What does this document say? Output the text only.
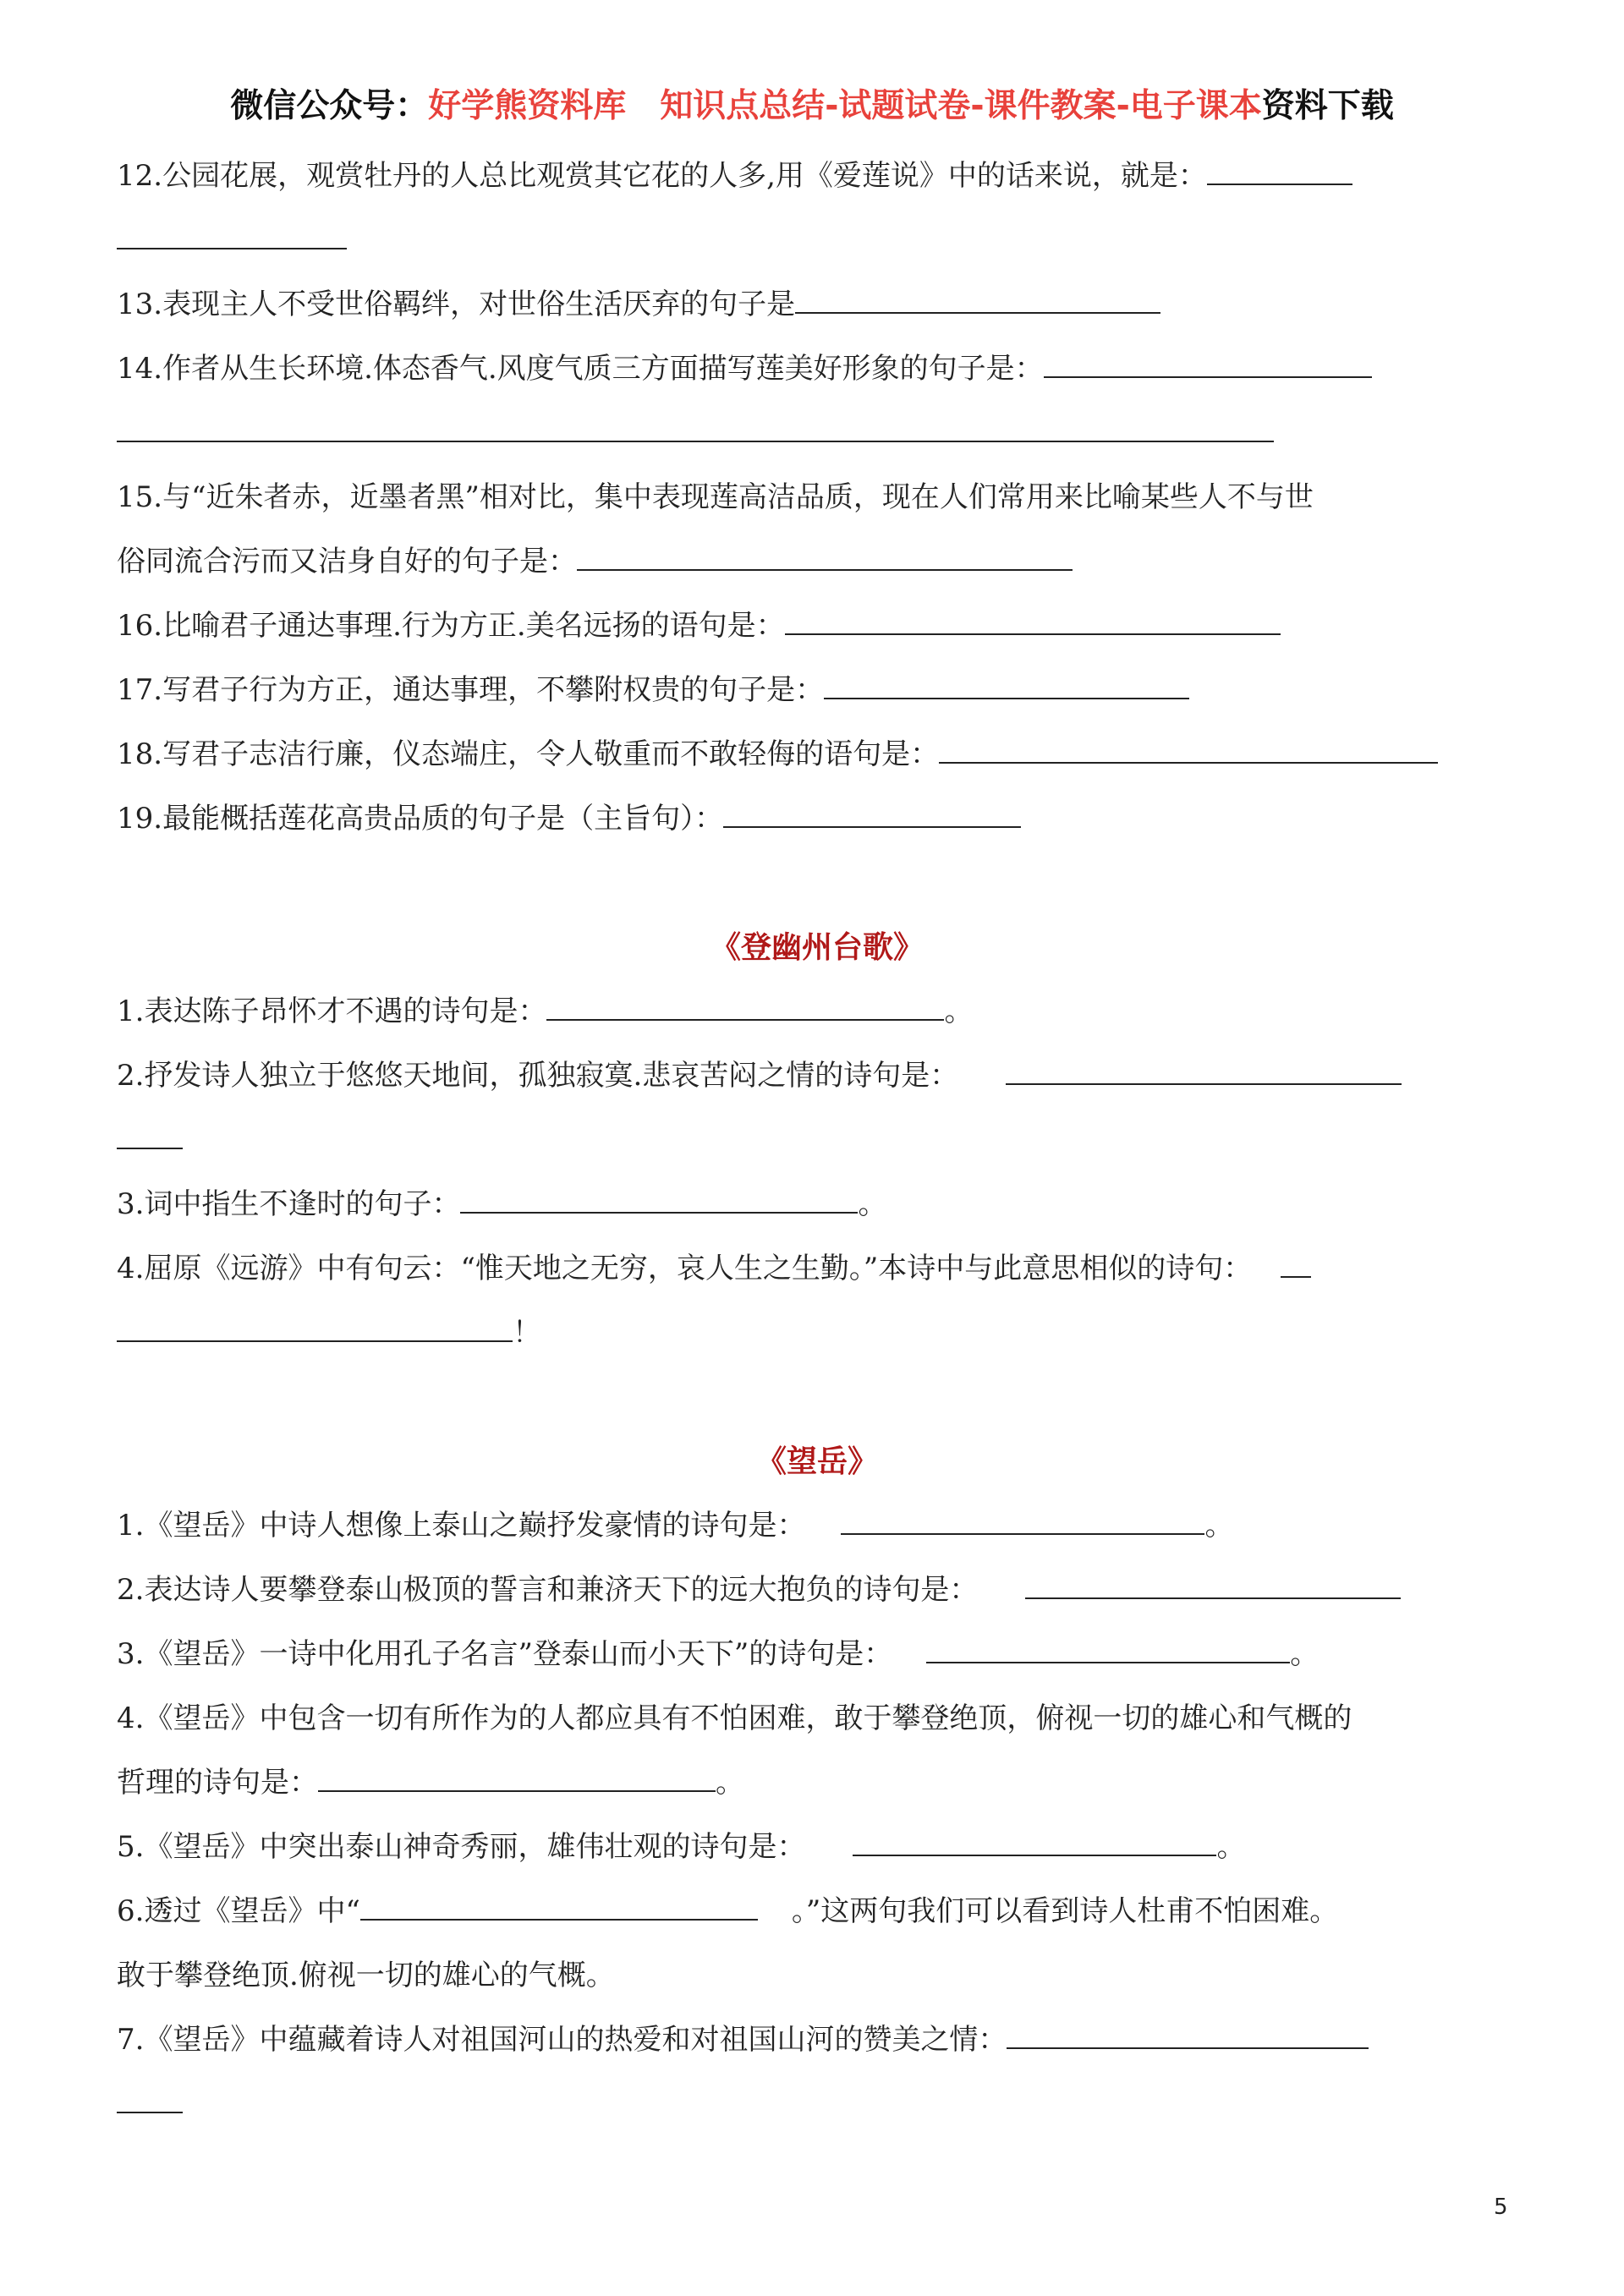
微信公众号：好学熊资料库 知识点总结-试题试卷-课件教案-电子课本资料下载
12.公园花展，观赏牡丹的人总比观赏其它花的人多,用《爱莲说》中的话来说，就是：
13.表现主人不受世俗羁绊，对世俗生活厌弃的句子是
14.作者从生长环境.体态香气.风度气质三方面描写莲美好形象的句子是：
15.与“近朱者赤，近墨者黑”相对比，集中表现莲高洁品质，现在人们常用来比喻某些人不与世
俗同流合污而又洁身自好的句子是：
16.比喻君子通达事理.行为方正.美名远扬的语句是：
17.写君子行为方正，通达事理，不攀附权贵的句子是：
18.写君子志洁行廉，仪态端庄，令人敬重而不敢轻侮的语句是：
19.最能概括莲花高贵品质的句子是（主旨句）：
《登幽州台歌》
1.表达陈子昂怀才不遇的诗句是：	。
2.抒发诗人独立于悠悠天地间，孤独寂寞.悲哀苦闷之情的诗句是：
3.词中指生不逢时的句子：	。
4.屈原《远游》中有句云：“惟天地之无穷，哀人生之生勤。”本诗中与此意思相似的诗句：
！
《望岳》
1.《望岳》中诗人想像上泰山之巅抒发豪情的诗句是：	。
2.表达诗人要攀登泰山极顶的誓言和兼济天下的远大抱负的诗句是：
3.《望岳》一诗中化用孔子名言”登泰山而小天下”的诗句是：	。
4.《望岳》中包含一切有所作为的人都应具有不怕困难，敢于攀登绝顶，俯视一切的雄心和气概的
哲理的诗句是：	。
5.《望岳》中突出泰山神奇秀丽，雄伟壮观的诗句是：	。
6.透过《望岳》中“	。”这两句我们可以看到诗人杜甫不怕困难。
敢于攀登绝顶.俯视一切的雄心的气概。
7.《望岳》中蕴藏着诗人对祖国河山的热爱和对祖国山河的赞美之情：
5
